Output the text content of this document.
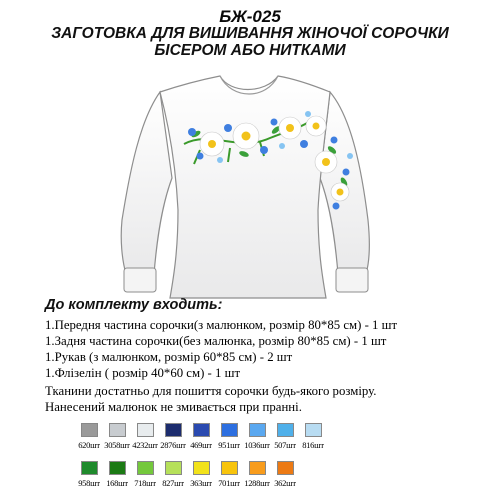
БЖ-025
ЗАГОТОВКА ДЛЯ ВИШИВАННЯ ЖІНОЧОЇ СОРОЧКИ
БІСЕРОМ АБО НИТКАМИ
До комплекту входить:
1.Передня частина сорочки(з малюнком, розмір 80*85 см) - 1 шт
1.Задня частина сорочки(без малюнка, розмір 80*85 см) - 1 шт
1.Рукав (з малюнком, розмір 60*85 см) - 2 шт
1.Флізелін ( розмір 40*60 см) - 1 шт
Тканини достатньо для пошиття сорочки будь-якого розміру.
Нанесений малюнок не змивається при пранні.
620шт 3058шт 4232шт 2876шт 469шт 951шт 1036шт 507шт 816шт
958шт 168шт 718шт 827шт 363шт 701шт 1288шт 362шт
